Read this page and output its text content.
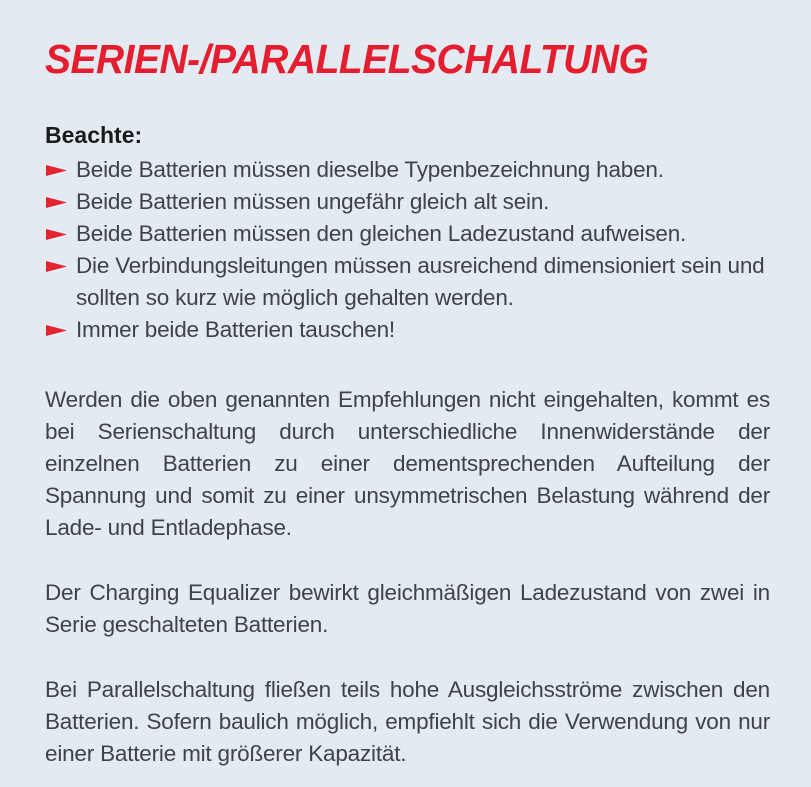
SERIEN-/PARALLELSCHALTUNG
Beachte:
Beide Batterien müssen dieselbe Typenbezeichnung haben.
Beide Batterien müssen ungefähr gleich alt sein.
Beide Batterien müssen den gleichen Ladezustand aufweisen.
Die Verbindungsleitungen müssen ausreichend dimensioniert sein und sollten so kurz wie möglich gehalten werden.
Immer beide Batterien tauschen!

Werden die oben genannten Empfehlungen nicht eingehalten, kommt es bei Serienschaltung durch unterschiedliche Innenwiderstände der einzelnen Batterien zu einer dementsprechenden Aufteilung der Spannung und somit zu einer unsymmetrischen Belastung während der Lade- und Entladephase.

Der Charging Equalizer bewirkt gleichmäßigen Ladezustand von zwei in Serie geschalteten Batterien.

Bei Parallelschaltung fließen teils hohe Ausgleichsströme zwischen den Batterien. Sofern baulich möglich, empfiehlt sich die Verwendung von nur einer Batterie mit größerer Kapazität.
